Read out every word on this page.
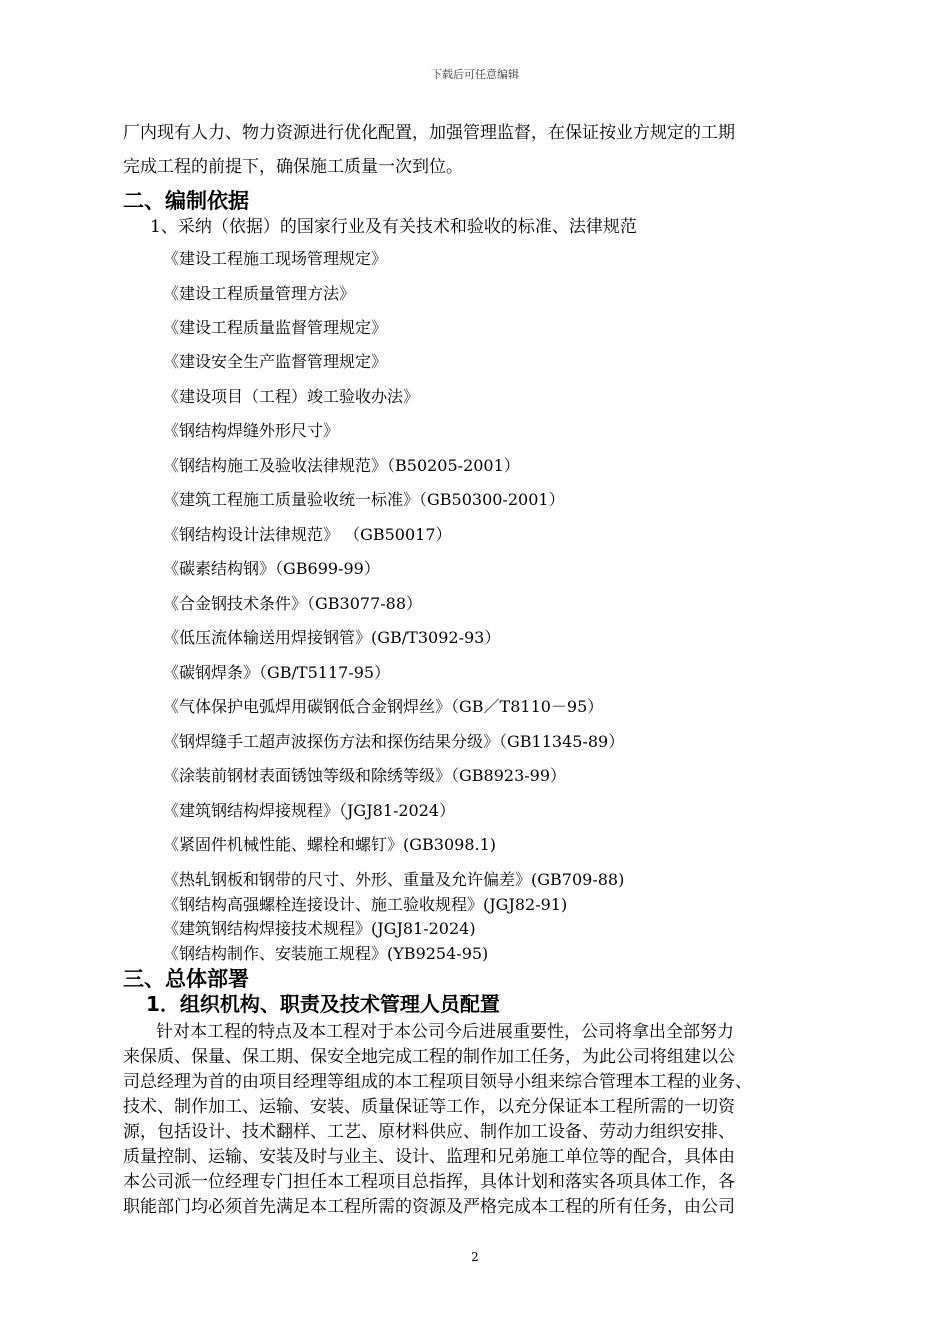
下载后可任意编辑
厂内现有人力、物力资源进行优化配置，加强管理监督，在保证按业方规定的工期
完成工程的前提下，确保施工质量一次到位。
二、编制依据
1、采纳（依据）的国家行业及有关技术和验收的标准、法律规范
《建设工程施工现场管理规定》
《建设工程质量管理方法》
《建设工程质量监督管理规定》
《建设安全生产监督管理规定》
《建设项目（工程）竣工验收办法》
《钢结构焊缝外形尺寸》
《钢结构施工及验收法律规范》（B50205-2001）
《建筑工程施工质量验收统一标准》（GB50300-2001）
《钢结构设计法律规范》 （GB50017）
《碳素结构钢》（GB699-99）
《合金钢技术条件》（GB3077-88）
《低压流体输送用焊接钢管》(GB/T3092-93）
《碳钢焊条》（GB/T5117-95）
《气体保护电弧焊用碳钢低合金钢焊丝》（GB／T8110－95）
《钢焊缝手工超声波探伤方法和探伤结果分级》（GB11345-89）
《涂装前钢材表面锈蚀等级和除绣等级》（GB8923-99）
《建筑钢结构焊接规程》（JGJ81-2024）
《紧固件机械性能、螺栓和螺钉》(GB3098.1)
《热轧钢板和钢带的尺寸、外形、重量及允许偏差》(GB709-88)
《钢结构高强螺栓连接设计、施工验收规程》(JGJ82-91)
《建筑钢结构焊接技术规程》(JGJ81-2024)
《钢结构制作、安装施工规程》(YB9254-95)
三、总体部署
1．组织机构、职责及技术管理人员配置
针对本工程的特点及本工程对于本公司今后进展重要性，公司将拿出全部努力
来保质、保量、保工期、保安全地完成工程的制作加工任务，为此公司将组建以公
司总经理为首的由项目经理等组成的本工程项目领导小组来综合管理本工程的业务、
技术、制作加工、运输、安装、质量保证等工作，以充分保证本工程所需的一切资
源，包括设计、技术翻样、工艺、原材料供应、制作加工设备、劳动力组织安排、
质量控制、运输、安装及时与业主、设计、监理和兄弟施工单位等的配合，具体由
本公司派一位经理专门担任本工程项目总指挥，具体计划和落实各项具体工作，各
职能部门均必须首先满足本工程所需的资源及严格完成本工程的所有任务，由公司
2
